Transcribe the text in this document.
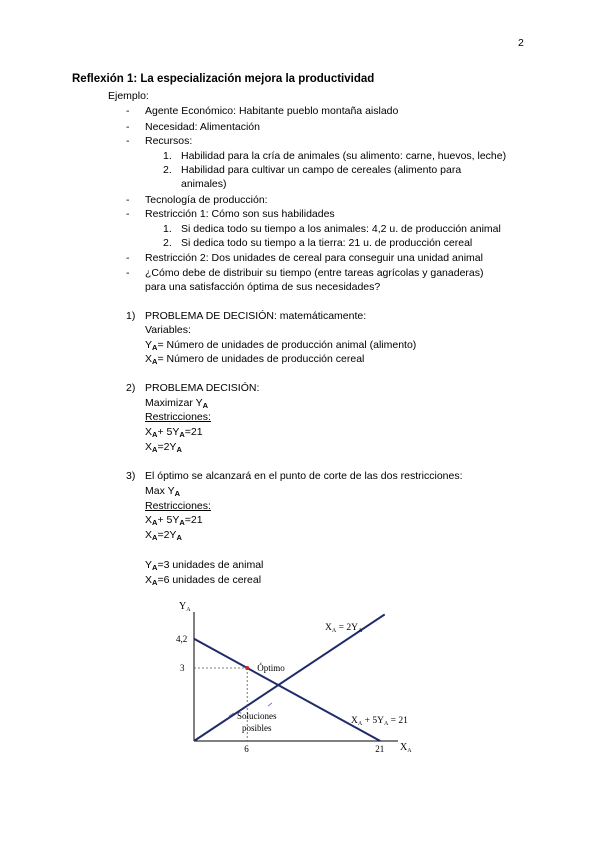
2
Reflexión 1: La especialización mejora la productividad
Ejemplo:
- Agente Económico: Habitante pueblo montaña aislado
- Necesidad: Alimentación
- Recursos:
1. Habilidad para la cría de animales (su alimento: carne, huevos, leche)
2. Habilidad para cultivar un campo de cereales (alimento para
animales)
- Tecnología de producción:
- Restricción 1: Cómo son sus habilidades
1. Si dedica todo su tiempo a los animales: 4,2 u. de producción animal
2. Si dedica todo su tiempo a la tierra: 21 u. de producción cereal
- Restricción 2: Dos unidades de cereal para conseguir una unidad animal
- ¿Cómo debe de distribuir su tiempo (entre tareas agrícolas y ganaderas)
para una satisfacción óptima de sus necesidades?
1) PROBLEMA DE DECISIÓN: matemáticamente:
Variables:
$Y_A=$ Número de unidades de producción animal (alimento)
$X_A=$ Número de unidades de producción cereal
2) PROBLEMA DECISIÓN:
Maximizar $Y_A$
Restricciones:
$X_A+ 5Y_A=21$
$X_A=2Y_A$
3) El óptimo se alcanzará en el punto de corte de las dos restricciones:
Max $Y_A$
Restricciones:
$X_A+ 5Y_A=21$
$X_A=2Y_A$
$Y_A=3$ unidades de animal
$X_A=6$ unidades de cereal
$Y_A$
$X_A$
Óptimo
6	21
4,2
3
Soluciones
posibles
$X_A = 2Y_A$
$X_A + 5Y_A = 21$
